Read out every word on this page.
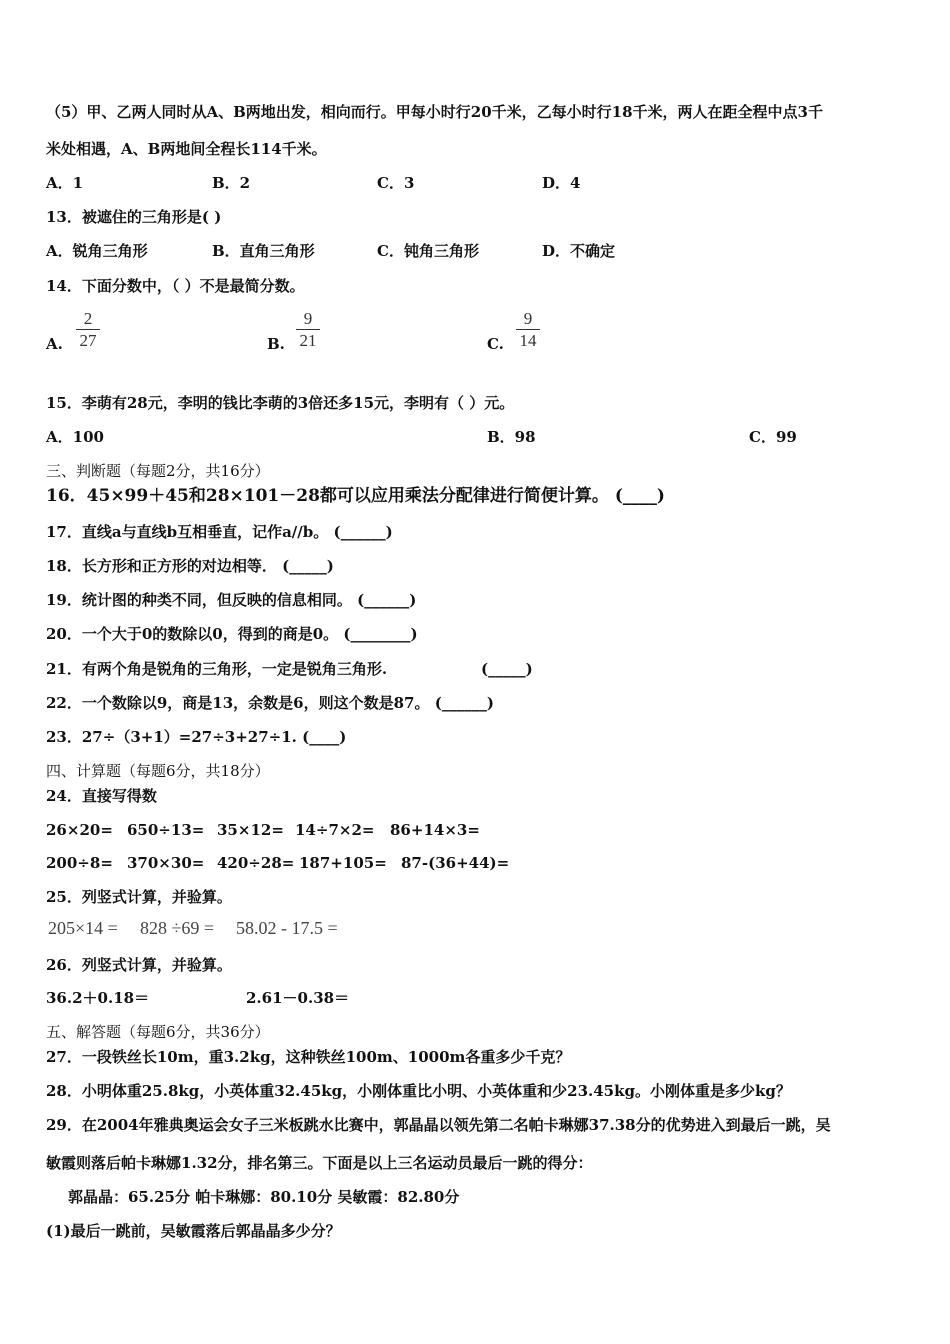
（5）甲、乙两人同时从A、B两地出发，相向而行。甲每小时行20千米，乙每小时行18千米，两人在距全程中点3千
米处相遇，A、B两地间全程长114千米。
A．1	B．2	C．3	D．4
13．被遮住的三角形是( )
A．锐角三角形	B．直角三角形	C．钝角三角形	D．不确定
14．下面分数中，（ ）不是最简分数。
A.
2
27	B.
9
21	C.
9
14
15．李萌有28元，李明的钱比李萌的3倍还多15元，李明有（ ）元。
A．100	B．98	C．99
三、判断题（每题2分，共16分）
16．45×99＋45和28×101－28都可以应用乘法分配律进行简便计算。 (____)
17．直线a与直线b互相垂直，记作a//b。 (______)
18．长方形和正方形的对边相等． (_____)
19．统计图的种类不同，但反映的信息相同。 (______)
20．一个大于0的数除以0，得到的商是0。 (________)
21．有两个角是锐角的三角形，一定是锐角三角形.	(_____)
22．一个数除以9，商是13，余数是6，则这个数是87。 (______)
23．27÷（3+1）=27÷3+27÷1. (____)
四、计算题（每题6分，共18分）
24．直接写得数
26×20= 650÷13= 35×12= 14÷7×2= 86+14×3=
200÷8= 370×30= 420÷28= 187+105= 87-(36+44)=
25．列竖式计算，并验算。
205×14 = 828 ÷69 = 58.02 - 17.5 =
26．列竖式计算，并验算。
36.2＋0.18＝	2.61－0.38＝
五、解答题（每题6分，共36分）
27．一段铁丝长10m，重3.2kg，这种铁丝100m、1000m各重多少千克？
28．小明体重25.8kg，小英体重32.45kg，小刚体重比小明、小英体重和少23.45kg。小刚体重是多少kg？
29．在2004年雅典奥运会女子三米板跳水比赛中，郭晶晶以领先第二名帕卡琳娜37.38分的优势进入到最后一跳，吴
敏霞则落后帕卡琳娜1.32分，排名第三。下面是以上三名运动员最后一跳的得分：
郭晶晶：65.25分 帕卡琳娜：80.10分 吴敏霞：82.80分
(1)最后一跳前，吴敏霞落后郭晶晶多少分？
